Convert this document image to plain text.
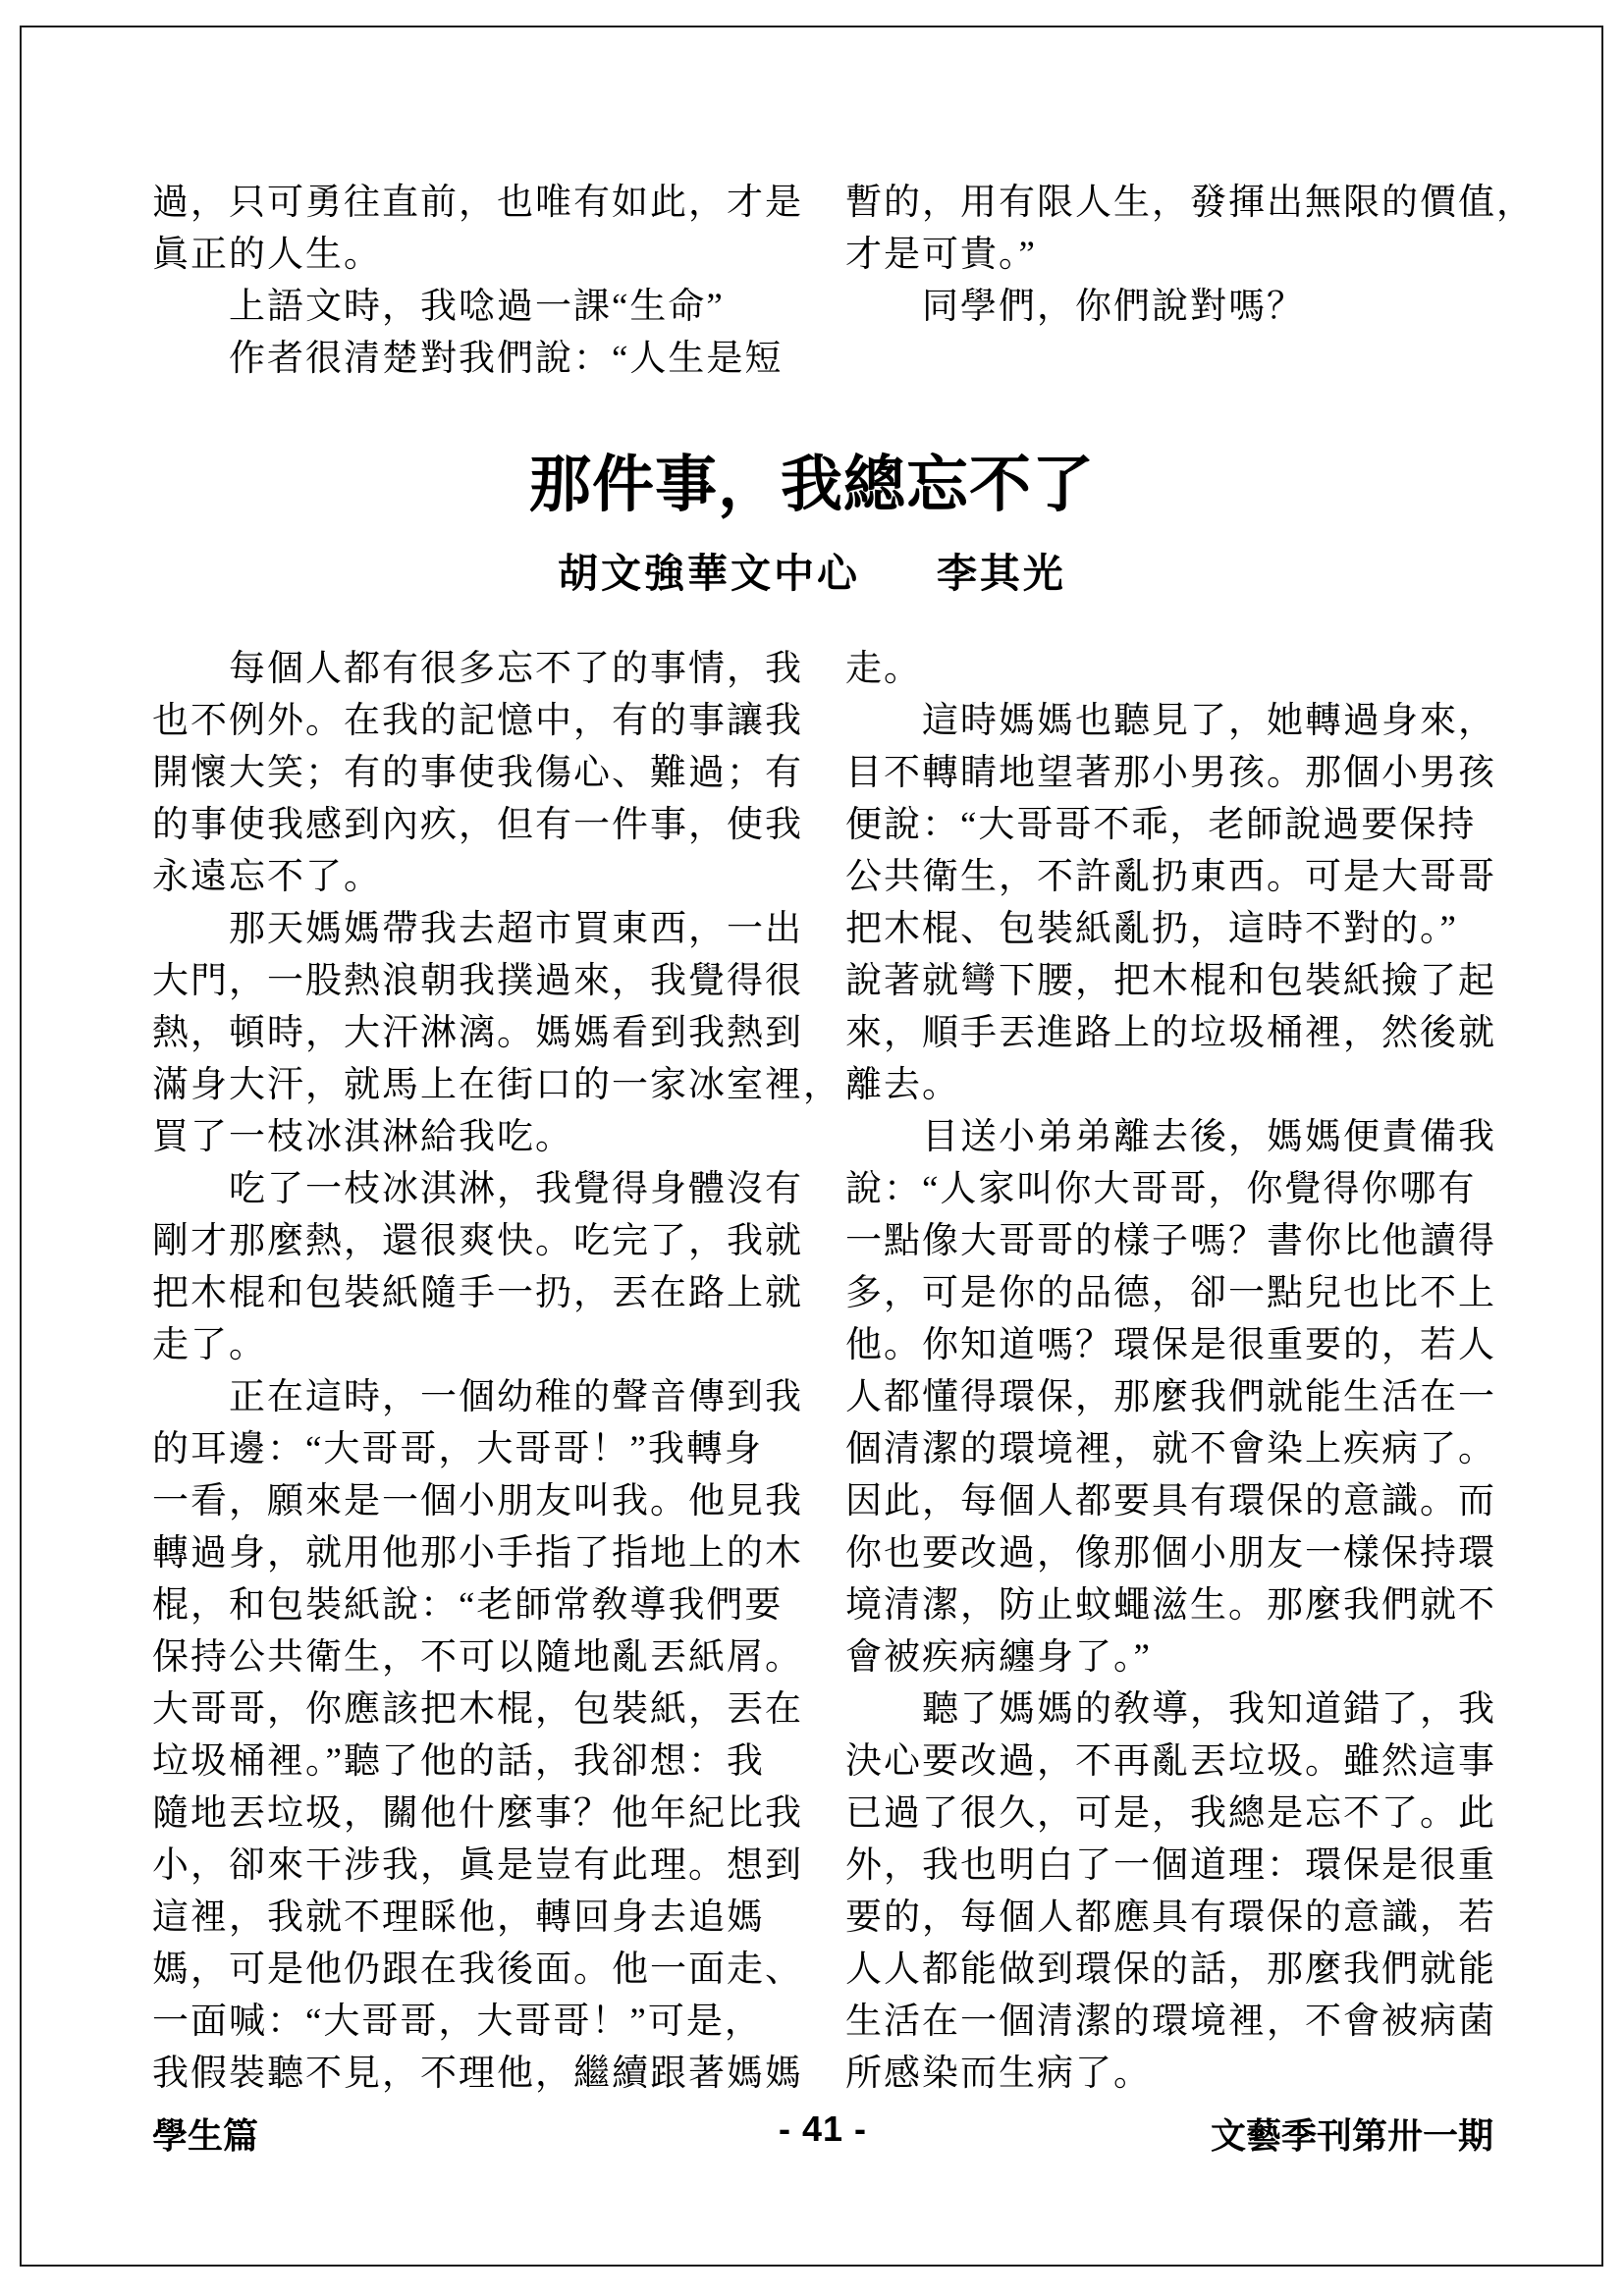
過，只可勇往直前，也唯有如此，才是
眞正的人生。
　　上語文時，我唸過一課“生命”
　　作者很清楚對我們說：“人生是短
暫的，用有限人生，發揮出無限的價值，
才是可貴。”
　　同學們，你們說對嗎？
那件事，我總忘不了
胡文強華文中心 李其光
　　每個人都有很多忘不了的事情，我
也不例外。在我的記憶中，有的事讓我
開懷大笑；有的事使我傷心、難過；有
的事使我感到內疚，但有一件事，使我
永遠忘不了。
　　那天媽媽帶我去超市買東西，一出
大門，一股熱浪朝我撲過來，我覺得很
熱，頓時，大汗淋漓。媽媽看到我熱到
滿身大汗，就馬上在街口的一家冰室裡，
買了一枝冰淇淋給我吃。
　　吃了一枝冰淇淋，我覺得身體沒有
剛才那麼熱，還很爽快。吃完了，我就
把木棍和包裝紙隨手一扔，丟在路上就
走了。
　　正在這時，一個幼稚的聲音傳到我
的耳邊：“大哥哥，大哥哥！”我轉身
一看，願來是一個小朋友叫我。他見我
轉過身，就用他那小手指了指地上的木
棍，和包裝紙說：“老師常敎導我們要
保持公共衛生，不可以隨地亂丟紙屑。
大哥哥，你應該把木棍，包裝紙，丟在
垃圾桶裡。”聽了他的話，我卻想：我
隨地丟垃圾，關他什麼事？他年紀比我
小，卻來干涉我，眞是豈有此理。想到
這裡，我就不理睬他，轉回身去追媽
媽，可是他仍跟在我後面。他一面走、
一面喊：“大哥哥，大哥哥！”可是，
我假裝聽不見，不理他，繼續跟著媽媽
走。
　　這時媽媽也聽見了，她轉過身來，
目不轉睛地望著那小男孩。那個小男孩
便說：“大哥哥不乖，老師說過要保持
公共衛生，不許亂扔東西。可是大哥哥
把木棍、包裝紙亂扔，這時不對的。”
說著就彎下腰，把木棍和包裝紙撿了起
來，順手丟進路上的垃圾桶裡，然後就
離去。
　　目送小弟弟離去後，媽媽便責備我
說：“人家叫你大哥哥，你覺得你哪有
一點像大哥哥的樣子嗎？書你比他讀得
多，可是你的品德，卻一點兒也比不上
他。你知道嗎？環保是很重要的，若人
人都懂得環保，那麼我們就能生活在一
個清潔的環境裡，就不會染上疾病了。
因此，每個人都要具有環保的意識。而
你也要改過，像那個小朋友一樣保持環
境清潔，防止蚊蠅滋生。那麼我們就不
會被疾病纏身了。”
　　聽了媽媽的敎導，我知道錯了，我
決心要改過，不再亂丟垃圾。雖然這事
已過了很久，可是，我總是忘不了。此
外，我也明白了一個道理：環保是很重
要的，每個人都應具有環保的意識，若
人人都能做到環保的話，那麼我們就能
生活在一個清潔的環境裡，不會被病菌
所感染而生病了。
學生篇	- 41 -	文藝季刊第卅一期
